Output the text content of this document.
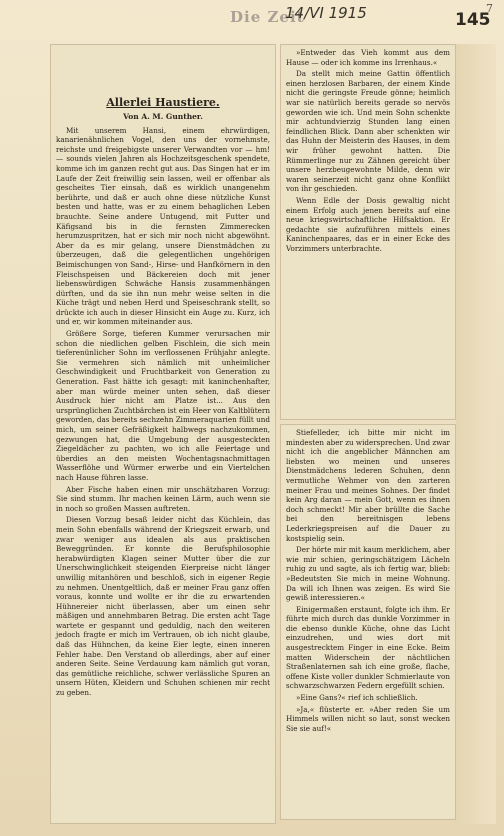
Die Zeit
14/VI 1915	145
7
Allerlei Haustiere.
Von A. M. Gunther.

Mit unserem Hansi, einem ehrwürdigen, kanarienähnlichen Vogel, den uns der vornehmste, reichste und freigebigste unserer Verwandten vor — hm! — sounds vielen Jahren als Hochzeitsgeschenk spendete, komme ich im ganzen recht gut aus. Das Singen hat er im Laufe der Zeit freiwillig sein lassen, weil er offenbar als gescheites Tier einsah, daß es wirklich unangenehm berührte, und daß er auch ohne diese nützliche Kunst besten und hatte, was er zu einem behaglichen Leben brauchte. Seine andere Untugend, mit Futter und Käfigsand bis in die fernsten Zimmerecken herumzuspritzen, hat er sich mir noch nicht abgewöhnt. Aber da es mir gelang, unsere Dienstmädchen zu überzeugen, daß die gelegentlichen ungehörigen Beimischungen von Sand-, Hirse- und Hanfkörnern in den Fleischspeisen und Bäckereien doch mit jener liebenswürdigen Schwäche Hansis zusammenhängen dürften, und da sie ihn nun mehr weise selten in die Küche trägt und neben Herd und Speiseschrank stellt, so drückte ich auch in dieser Hinsicht ein Auge zu. Kurz, ich und er, wir kommen miteinander aus.

Größere Sorge, tieferen Kummer verursachen mir schon die niedlichen gelben Fischlein, die sich mein tieferenünlicher Sohn im verflossenen Frühjahr anlegte. Sie vermehren sich nämlich mit unheimlicher Geschwindigkeit und Fruchtbarkeit von Generation zu Generation. Fast hätte ich gesagt: mit kaninchenhafter, aber man würde meiner unten sehen, daß dieser Ausdruck hier nicht am Platze ist... Aus den ursprünglichen Zuchtbärchen ist ein Heer von Kaltblütern geworden, das bereits sechzehn Zimmeraquarien füllt und mich, um seiner Gefräßigkeit halbwegs nachzukommen, gezwungen hat, die Umgebung der ausgesteckten Ziegeldächer zu pachten, wo ich alle Feiertage und überdies an den meisten Wochentagsnachmittagen Wasserflöhe und Würmer erwerbe und ein Viertelchen nach Hause führen lasse.

Aber Fische haben einen mir unschätzbaren Vorzug: Sie sind stumm. Ihr machen keinen Lärm, auch wenn sie in noch so großen Massen auftreten.

Diesen Vorzug besaß leider nicht das Küchlein, das mein Sohn ebenfalls während der Kriegszeit erwarb, und zwar weniger aus idealen als aus praktischen Beweggründen. Er konnte die Berufsphilosophie herabwürdigten Klagen seiner Mutter über die zur Unerschwinglichkeit steigenden Eierpreise nicht länger unwillig mitanhören und beschloß, sich in eigener Regie zu nehmen. Unentgeltlich, daß er meiner Frau ganz offen voraus, konnte und wollte er ihr die zu erwartenden Hühnereier nicht überlassen, aber um einen sehr mäßigen und annehmbaren Betrag. Die ersten acht Tage wartete er gespannt und geduldig, nach den weiteren jedoch fragte er mich im Vertrauen, ob ich nicht glaube, daß das Hühnchen, da keine Eier legte, einen inneren Fehler habe. Den Verstand ob allerdings, aber auf einer anderen Seite. Seine Verdauung kam nämlich gut voran, das gemütliche reichliche, schwer verlässliche Spuren an unsern Hüten, Kleidern und Schuhen schienen mir recht zu geben.

»Entweder das Vieh kommt aus dem Hause — oder ich komme ins Irrenhaus.«

Da stellt mich meine Gattin öffentlich einen herzlosen Barbaren, der einem Kinde nicht die geringste Freude gönne; heimlich war sie natürlich bereits gerade so nervös geworden wie ich. Und mein Sohn schenkte mir achtundvierzig Stunden lang einen feindlichen Blick. Dann aber schenkten wir das Huhn der Meisterin des Hauses, in dem wir früher gewohnt hatten. Die Rümmerlinge nur zu Zähnen gereicht über unsere herzbeugewohnte Milde, denn wir waren seinerzeit nicht ganz ohne Konflikt von ihr geschieden.

Wenn Edle der Dosis gewaltig nicht einem Erfolg auch jenen bereits auf eine neue kriegswirtschaftliche Hilfsaktion. Er gedachte sie aufzuführen mittels eines Kaninchenpaares, das er in einer Ecke des Vorzimmers unterbrachte.

Stiefelleder, ich bitte mir nicht im mindesten aber zu widersprechen. Und zwar nicht ich die angeblicher Männchen am liebsten wo meinen und unseres Dienstmädchens lederen Schuhen, denn vermutliche Wehmer von den zarteren meiner Frau und meines Sohnes. Der findet kein Arg daran — mein Gott, wenn es ihnen doch schmeckt! Mir aber brüllte die Sache bei den bereitnisgen lebens Lederkriegspreisen auf die Dauer zu kostspielig sein.

Der hörte mir mit kaum merklichem, aber wie mir schien, geringschätzigem Lächeln ruhig zu und sagte, als ich fertig war, blieb: »Bedeutsten Sie mich in meine Wohnung. Da will ich Ihnen was zeigen. Es wird Sie gewiß interessieren.«

Einigermaßen erstaunt, folgte ich ihm. Er führte mich durch das dunkle Vorzimmer in die ebenso dunkle Küche, ohne das Licht einzudrehen, und wies dort mit ausgestrecktem Finger in eine Ecke. Beim matten Widerschein der nächtlichen Straßenlaternen sah ich eine große, flache, offene Kiste voller dunkler Schmierlaute von schwarzschwarzen Federn ergefüllt schien.

»Eine Gans?« rief ich schließlich.

»Ja,« flüsterte er. »Aber reden Sie um Himmels willen nicht so laut, sonst wecken Sie sie auf!«
